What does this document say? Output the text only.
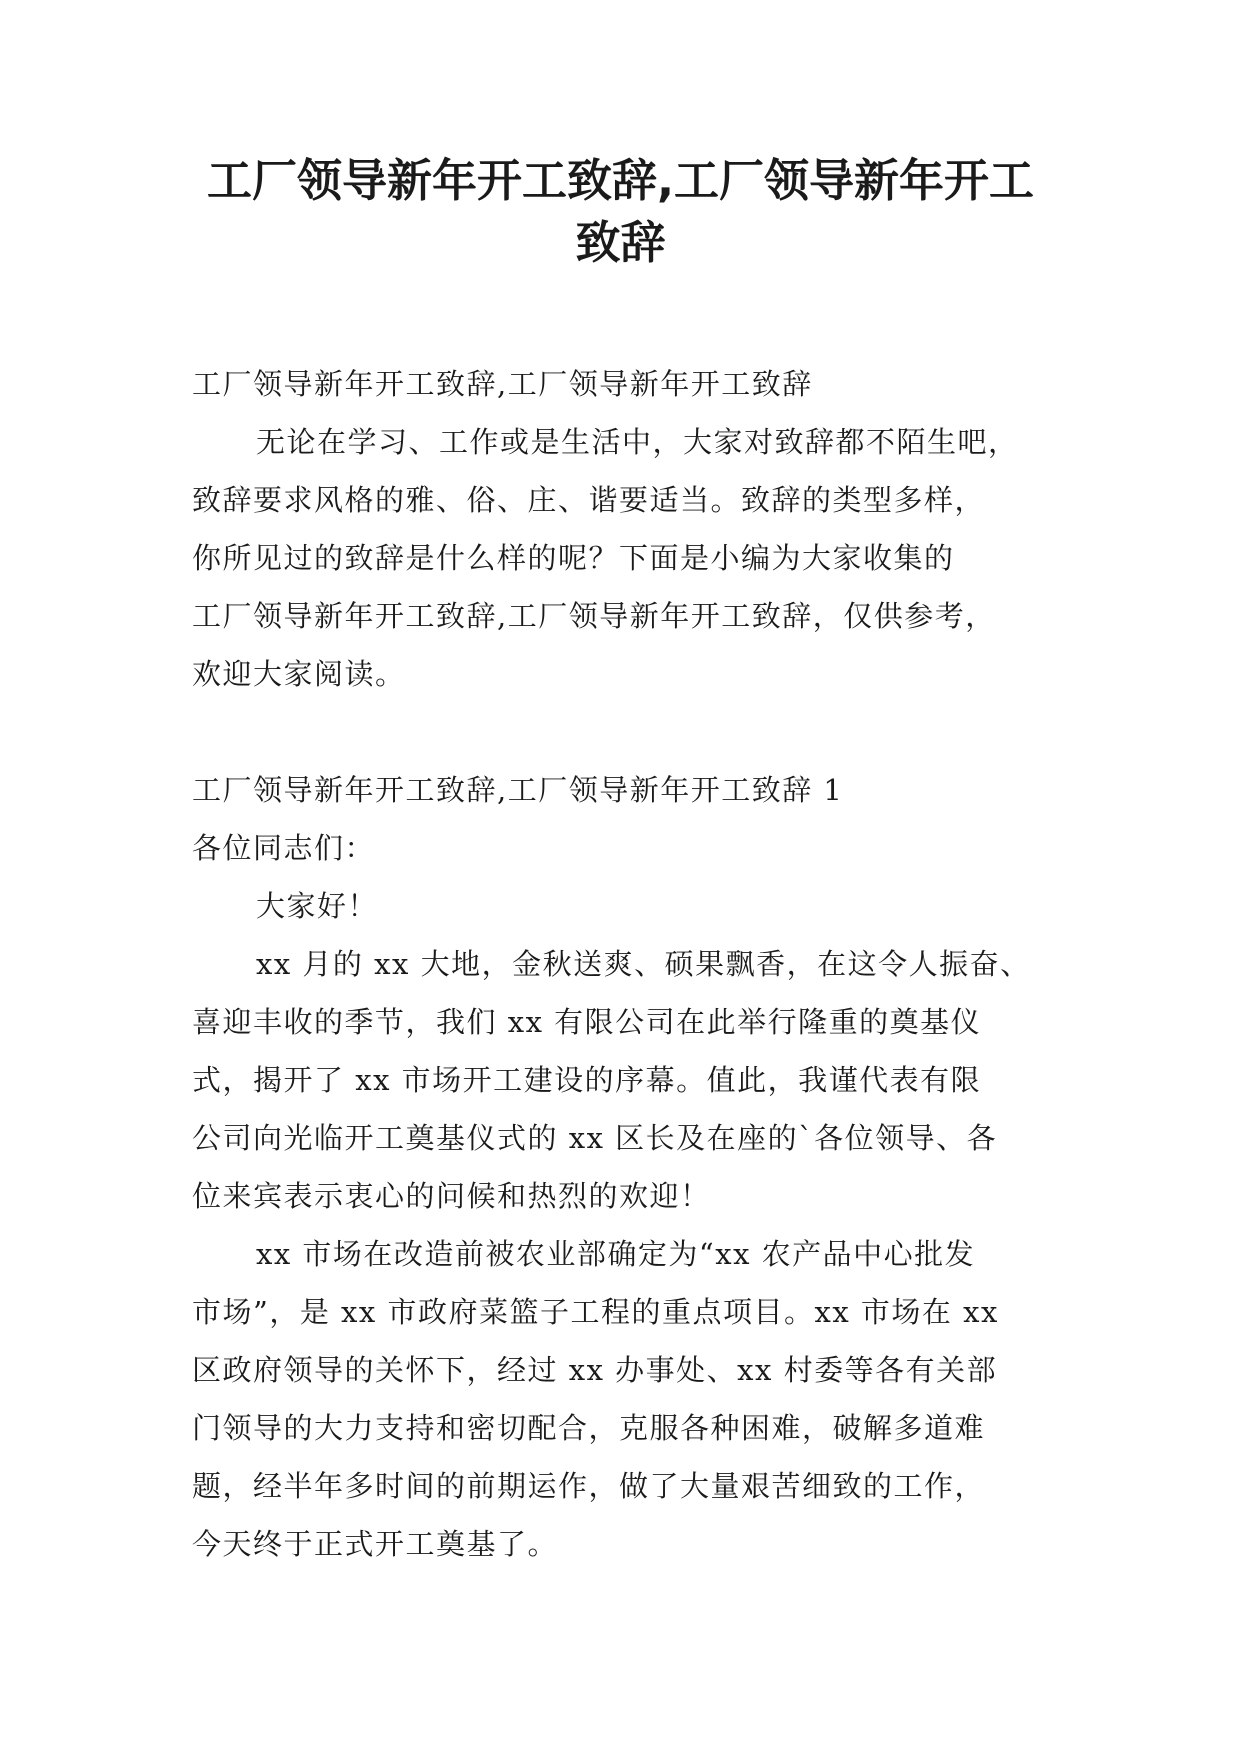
工厂领导新年开工致辞,工厂领导新年开工
致辞
工厂领导新年开工致辞,工厂领导新年开工致辞
无论在学习、工作或是生活中，大家对致辞都不陌生吧，
致辞要求风格的雅、俗、庄、谐要适当。致辞的类型多样，
你所见过的致辞是什么样的呢？下面是小编为大家收集的
工厂领导新年开工致辞,工厂领导新年开工致辞，仅供参考，
欢迎大家阅读。
工厂领导新年开工致辞,工厂领导新年开工致辞 1
各位同志们：
大家好！
xx 月的 xx 大地，金秋送爽、硕果飘香，在这令人振奋、
喜迎丰收的季节，我们 xx 有限公司在此举行隆重的奠基仪
式，揭开了 xx 市场开工建设的序幕。值此，我谨代表有限
公司向光临开工奠基仪式的 xx 区长及在座的`各位领导、各
位来宾表示衷心的问候和热烈的欢迎！
xx 市场在改造前被农业部确定为“xx 农产品中心批发
市场”，是 xx 市政府菜篮子工程的重点项目。xx 市场在 xx
区政府领导的关怀下，经过 xx 办事处、xx 村委等各有关部
门领导的大力支持和密切配合，克服各种困难，破解多道难
题，经半年多时间的前期运作，做了大量艰苦细致的工作，
今天终于正式开工奠基了。
